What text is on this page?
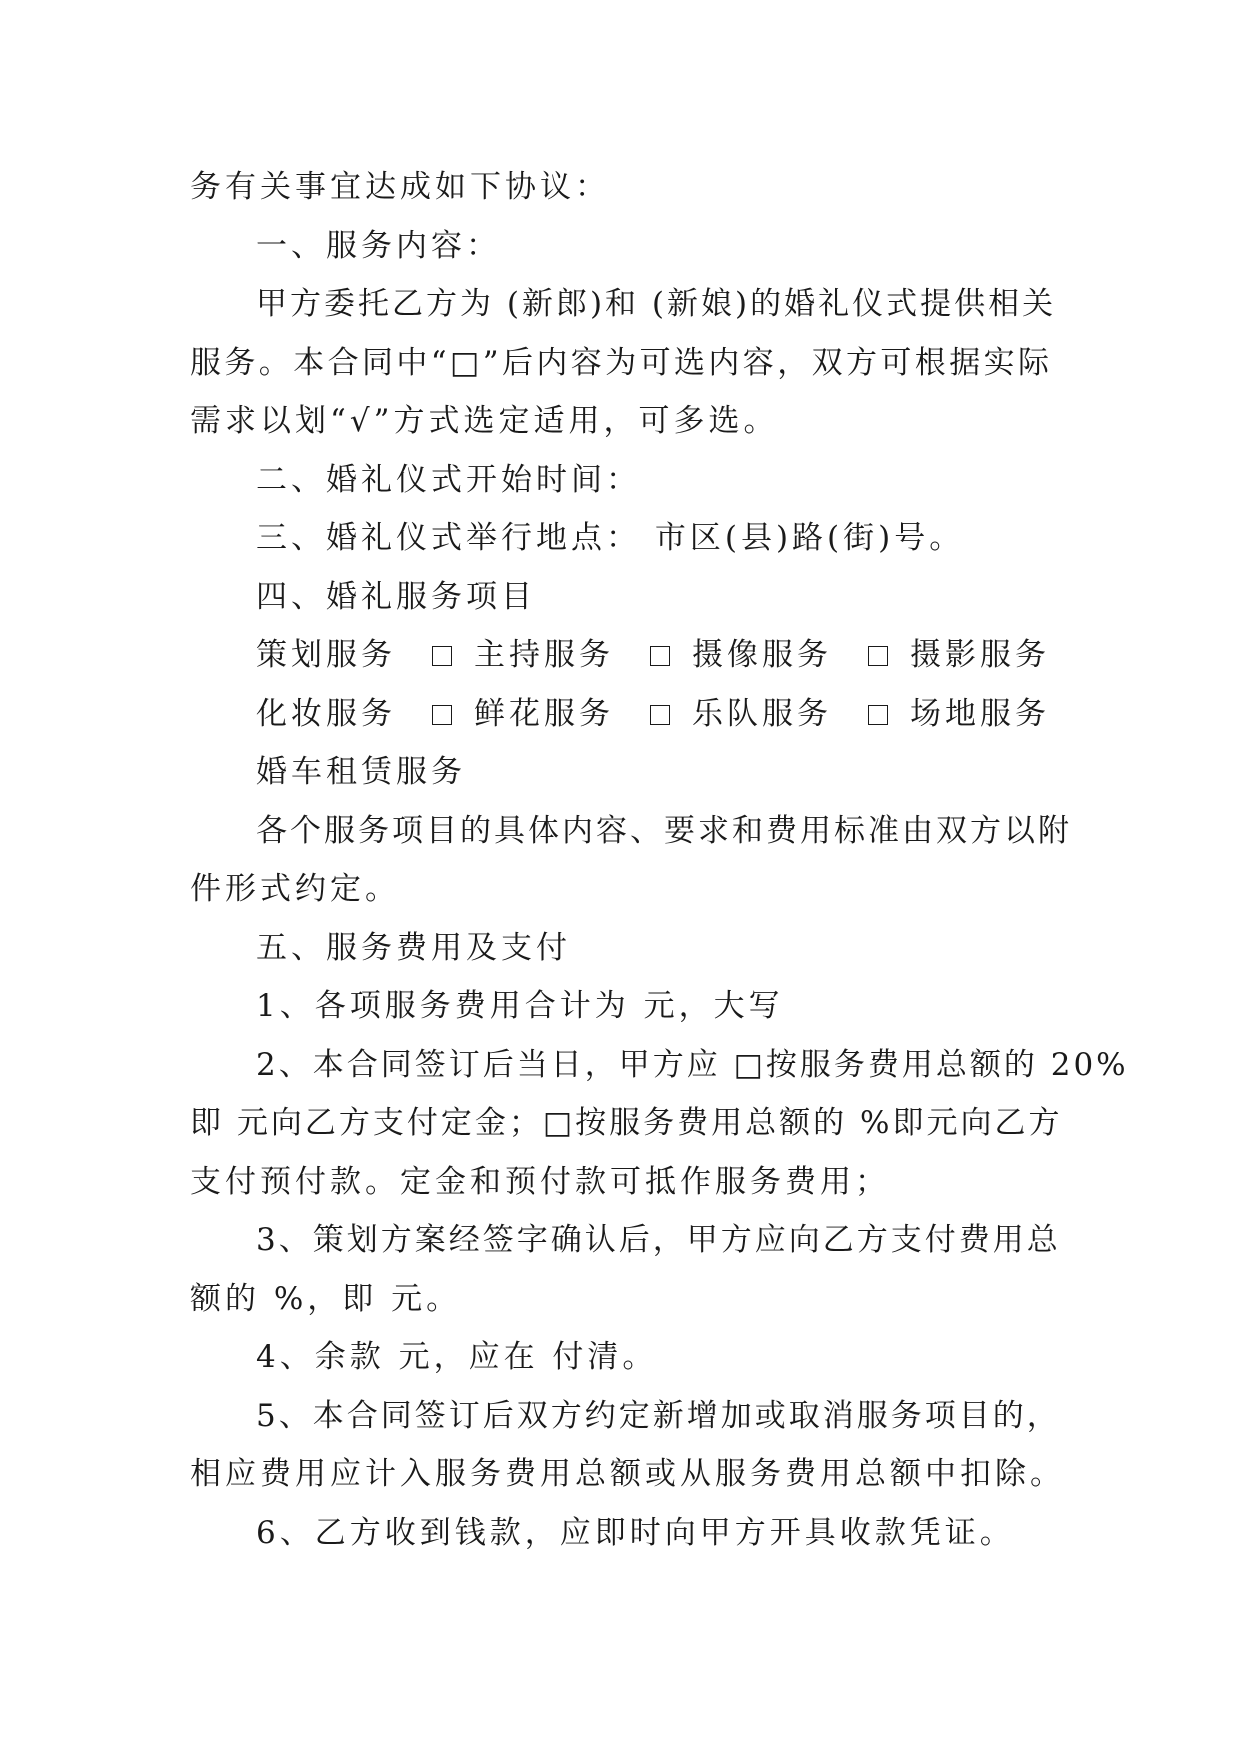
务有关事宜达成如下协议：
一、服务内容：
甲方委托乙方为 (新郎)和 (新娘)的婚礼仪式提供相关
服务。本合同中“□”后内容为可选内容，双方可根据实际
需求以划“√”方式选定适用，可多选。
二、婚礼仪式开始时间：
三、婚礼仪式举行地点： 市区(县)路(街)号。
四、婚礼服务项目
策划服务	主持服务	摄像服务	摄影服务
化妆服务	鲜花服务	乐队服务	场地服务
婚车租赁服务
各个服务项目的具体内容、要求和费用标准由双方以附
件形式约定。
五、服务费用及支付
1、各项服务费用合计为 元，大写
2、本合同签订后当日，甲方应 □按服务费用总额的 20%
即 元向乙方支付定金；□按服务费用总额的 %即元向乙方
支付预付款。定金和预付款可抵作服务费用；
3、策划方案经签字确认后，甲方应向乙方支付费用总
额的 %，即 元。
4、余款 元，应在 付清。
5、本合同签订后双方约定新增加或取消服务项目的，
相应费用应计入服务费用总额或从服务费用总额中扣除。
6、乙方收到钱款，应即时向甲方开具收款凭证。
